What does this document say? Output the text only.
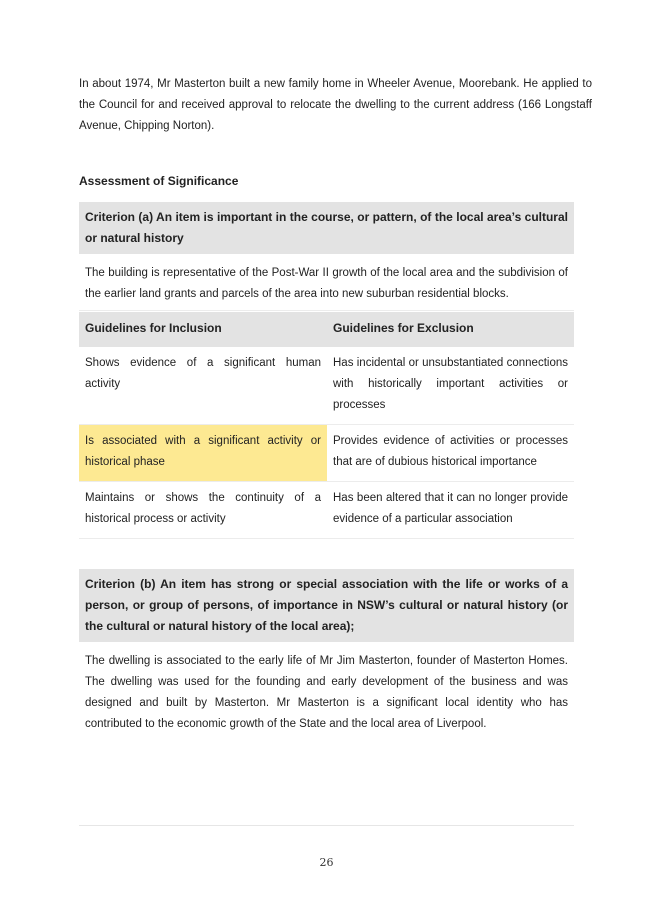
In about 1974, Mr Masterton built a new family home in Wheeler Avenue, Moorebank. He applied to the Council for and received approval to relocate the dwelling to the current address (166 Longstaff Avenue, Chipping Norton).

Assessment of Significance

Criterion (a) An item is important in the course, or pattern, of the local area’s cultural or natural history
The building is representative of the Post-War II growth of the local area and the subdivision of the earlier land grants and parcels of the area into new suburban residential blocks.
Guidelines for Inclusion	Guidelines for Exclusion
Shows evidence of a significant human activity	Has incidental or unsubstantiated connections with historically important activities or processes
Is associated with a significant activity or historical phase	Provides evidence of activities or processes that are of dubious historical importance
Maintains or shows the continuity of a historical process or activity	Has been altered that it can no longer provide evidence of a particular association
Criterion (b) An item has strong or special association with the life or works of a person, or group of persons, of importance in NSW’s cultural or natural history (or the cultural or natural history of the local area);
The dwelling is associated to the early life of Mr Jim Masterton, founder of Masterton Homes. The dwelling was used for the founding and early development of the business and was designed and built by Masterton. Mr Masterton is a significant local identity who has contributed to the economic growth of the State and the local area of Liverpool.
26
